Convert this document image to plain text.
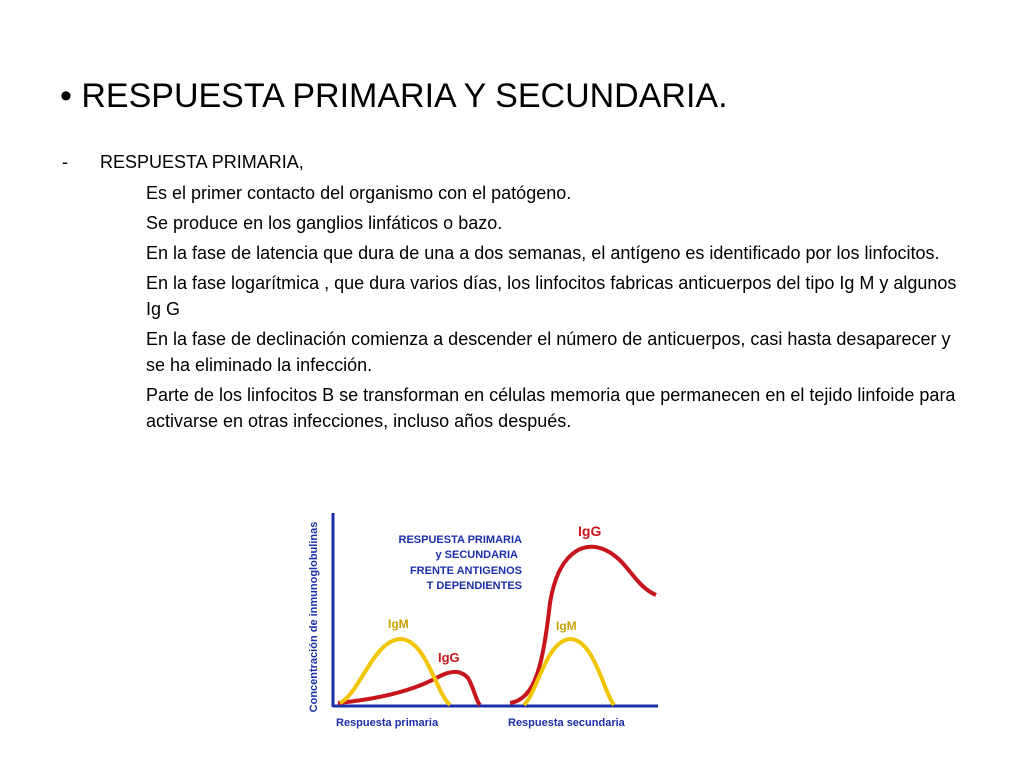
• RESPUESTA PRIMARIA Y SECUNDARIA.
- RESPUESTA PRIMARIA,
Es el primer contacto del organismo con el patógeno.
Se produce en los ganglios linfáticos o bazo.
En la fase de latencia que dura de una a dos semanas, el antígeno es identificado por los linfocitos.
En la fase logarítmica , que dura varios días, los linfocitos fabricas anticuerpos del tipo Ig M y algunos Ig G
En la fase de declinación comienza a descender el número de anticuerpos, casi hasta desaparecer y se ha eliminado la infección.
Parte de los linfocitos B se transforman en células memoria que permanecen en el tejido linfoide para activarse en otras infecciones, incluso años después.
Concentración de inmunoglobulinas	RESPUESTA PRIMARIA
y SECUNDARIA
FRENTE ANTIGENOS
T DEPENDIENTES
IgM
IgG
IgM
IgG
Respuesta primaria	Respuesta secundaria
